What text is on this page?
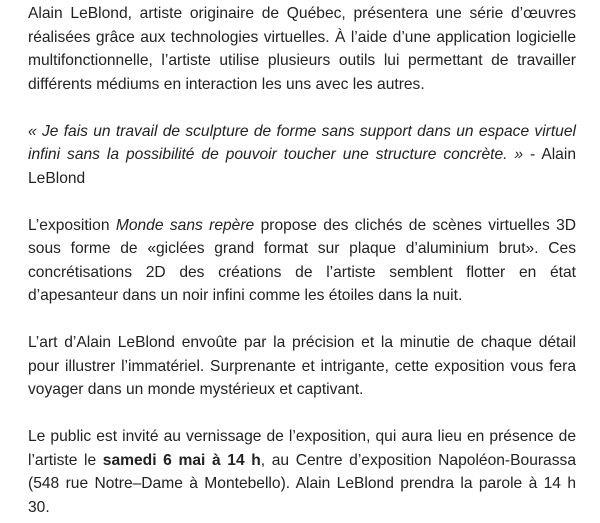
Alain LeBlond, artiste originaire de Québec, présentera une série d’œuvres réalisées grâce aux technologies virtuelles. À l’aide d’une application logicielle multifonctionnelle, l’artiste utilise plusieurs outils lui permettant de travailler différents médiums en interaction les uns avec les autres.

« Je fais un travail de sculpture de forme sans support dans un espace virtuel infini sans la possibilité de pouvoir toucher une structure concrète. » - Alain LeBlond

L’exposition Monde sans repère propose des clichés de scènes virtuelles 3D sous forme de «giclées grand format sur plaque d’aluminium brut». Ces concrétisations 2D des créations de l’artiste semblent flotter en état d’apesanteur dans un noir infini comme les étoiles dans la nuit.

L’art d’Alain LeBlond envoûte par la précision et la minutie de chaque détail pour illustrer l’immatériel. Surprenante et intrigante, cette exposition vous fera voyager dans un monde mystérieux et captivant.

Le public est invité au vernissage de l’exposition, qui aura lieu en présence de l’artiste le samedi 6 mai à 14 h, au Centre d’exposition Napoléon-Bourassa (548 rue Notre–Dame à Montebello). Alain LeBlond prendra la parole à 14 h 30.
